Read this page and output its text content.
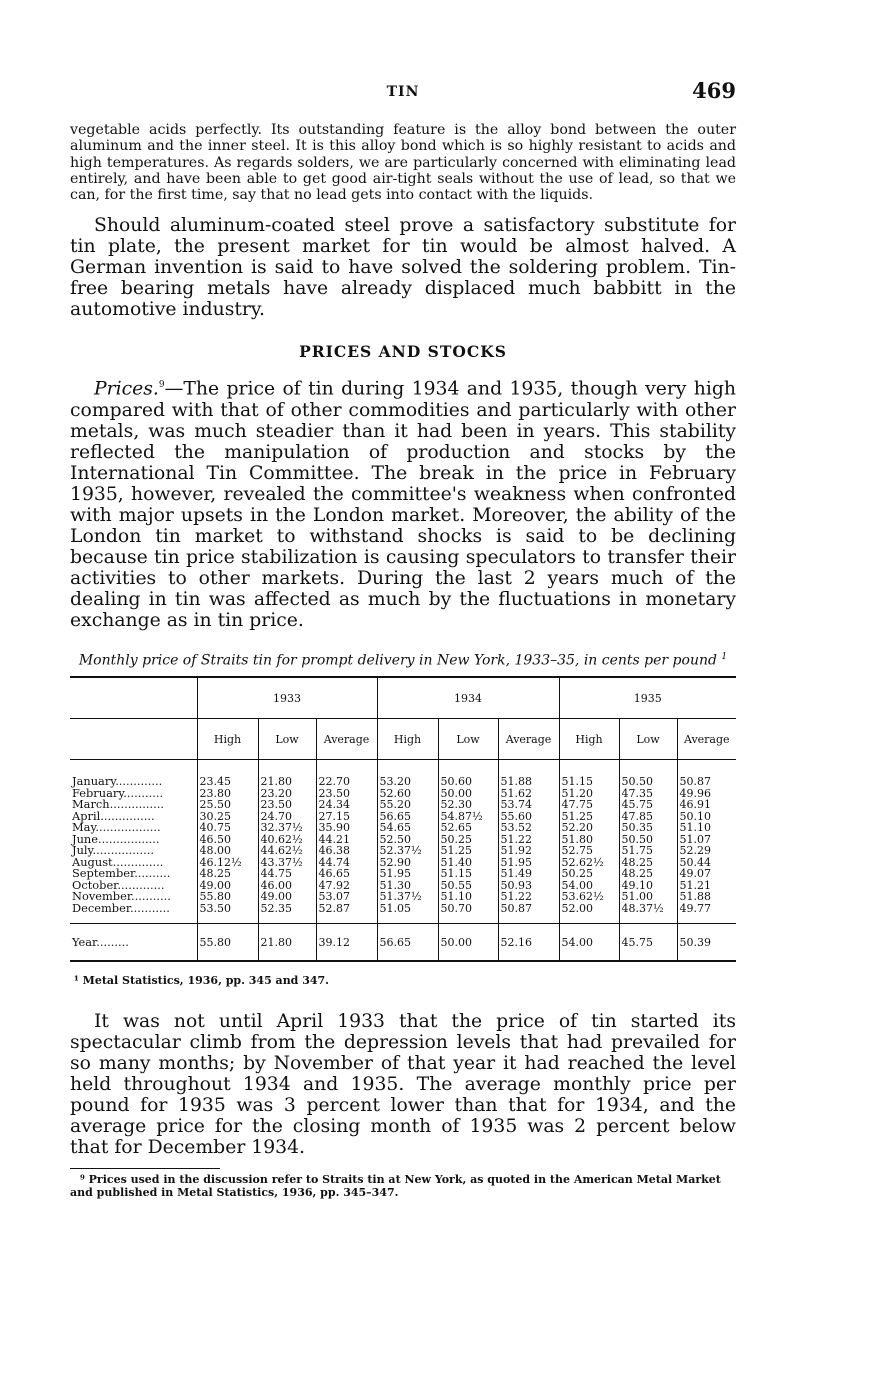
TIN	469

vegetable acids perfectly. Its outstanding feature is the alloy bond between the outer aluminum and the inner steel. It is this alloy bond which is so highly resistant to acids and high temperatures. As regards solders, we are particularly concerned with eliminating lead entirely, and have been able to get good air-tight seals without the use of lead, so that we can, for the first time, say that no lead gets into contact with the liquids.

Should aluminum-coated steel prove a satisfactory substitute for tin plate, the present market for tin would be almost halved. A German invention is said to have solved the soldering problem. Tin-free bearing metals have already displaced much babbitt in the automotive industry.

PRICES AND STOCKS

Prices.$^9$—The price of tin during 1934 and 1935, though very high compared with that of other commodities and particularly with other metals, was much steadier than it had been in years. This stability reflected the manipulation of production and stocks by the International Tin Committee. The break in the price in February 1935, however, revealed the committee's weakness when confronted with major upsets in the London market. Moreover, the ability of the London tin market to withstand shocks is said to be declining because tin price stabilization is causing speculators to transfer their activities to other markets. During the last 2 years much of the dealing in tin was affected as much by the fluctuations in monetary exchange as in tin price.

Monthly price of Straits tin for prompt delivery in New York, 1933–35, in cents per pound $^1$
	1933			1934			1935		
	High	Low	Average	High	Low	Average	High	Low	Average
January.............	23.45	21.80	22.70	53.20	50.60	51.88	51.15	50.50	50.87
February...........	23.80	23.20	23.50	52.60	50.00	51.62	51.20	47.35	49.96
March...............	25.50	23.50	24.34	55.20	52.30	53.74	47.75	45.75	46.91
April...............	30.25	24.70	27.15	56.65	54.87½	55.60	51.25	47.85	50.10
May..................	40.75	32.37½	35.90	54.65	52.65	53.52	52.20	50.35	51.10
June.................	46.50	40.62½	44.21	52.50	50.25	51.22	51.80	50.50	51.07
July.................	48.00	44.62½	46.38	52.37½	51.25	51.92	52.75	51.75	52.29
August..............	46.12½	43.37½	44.74	52.90	51.40	51.95	52.62½	48.25	50.44
September..........	48.25	44.75	46.65	51.95	51.15	51.49	50.25	48.25	49.07
October.............	49.00	46.00	47.92	51.30	50.55	50.93	54.00	49.10	51.21
November...........	55.80	49.00	53.07	51.37½	51.10	51.22	53.62½	51.00	51.88
December...........	53.50	52.35	52.87	51.05	50.70	50.87	52.00	48.37½	49.77
Year.........	55.80	21.80	39.12	56.65	50.00	52.16	54.00	45.75	50.39
¹ Metal Statistics, 1936, pp. 345 and 347.

It was not until April 1933 that the price of tin started its spectacular climb from the depression levels that had prevailed for so many months; by November of that year it had reached the level held throughout 1934 and 1935. The average monthly price per pound for 1935 was 3 percent lower than that for 1934, and the average price for the closing month of 1935 was 2 percent below that for December 1934.

⁹ Prices used in the discussion refer to Straits tin at New York, as quoted in the American Metal Market and published in Metal Statistics, 1936, pp. 345–347.
